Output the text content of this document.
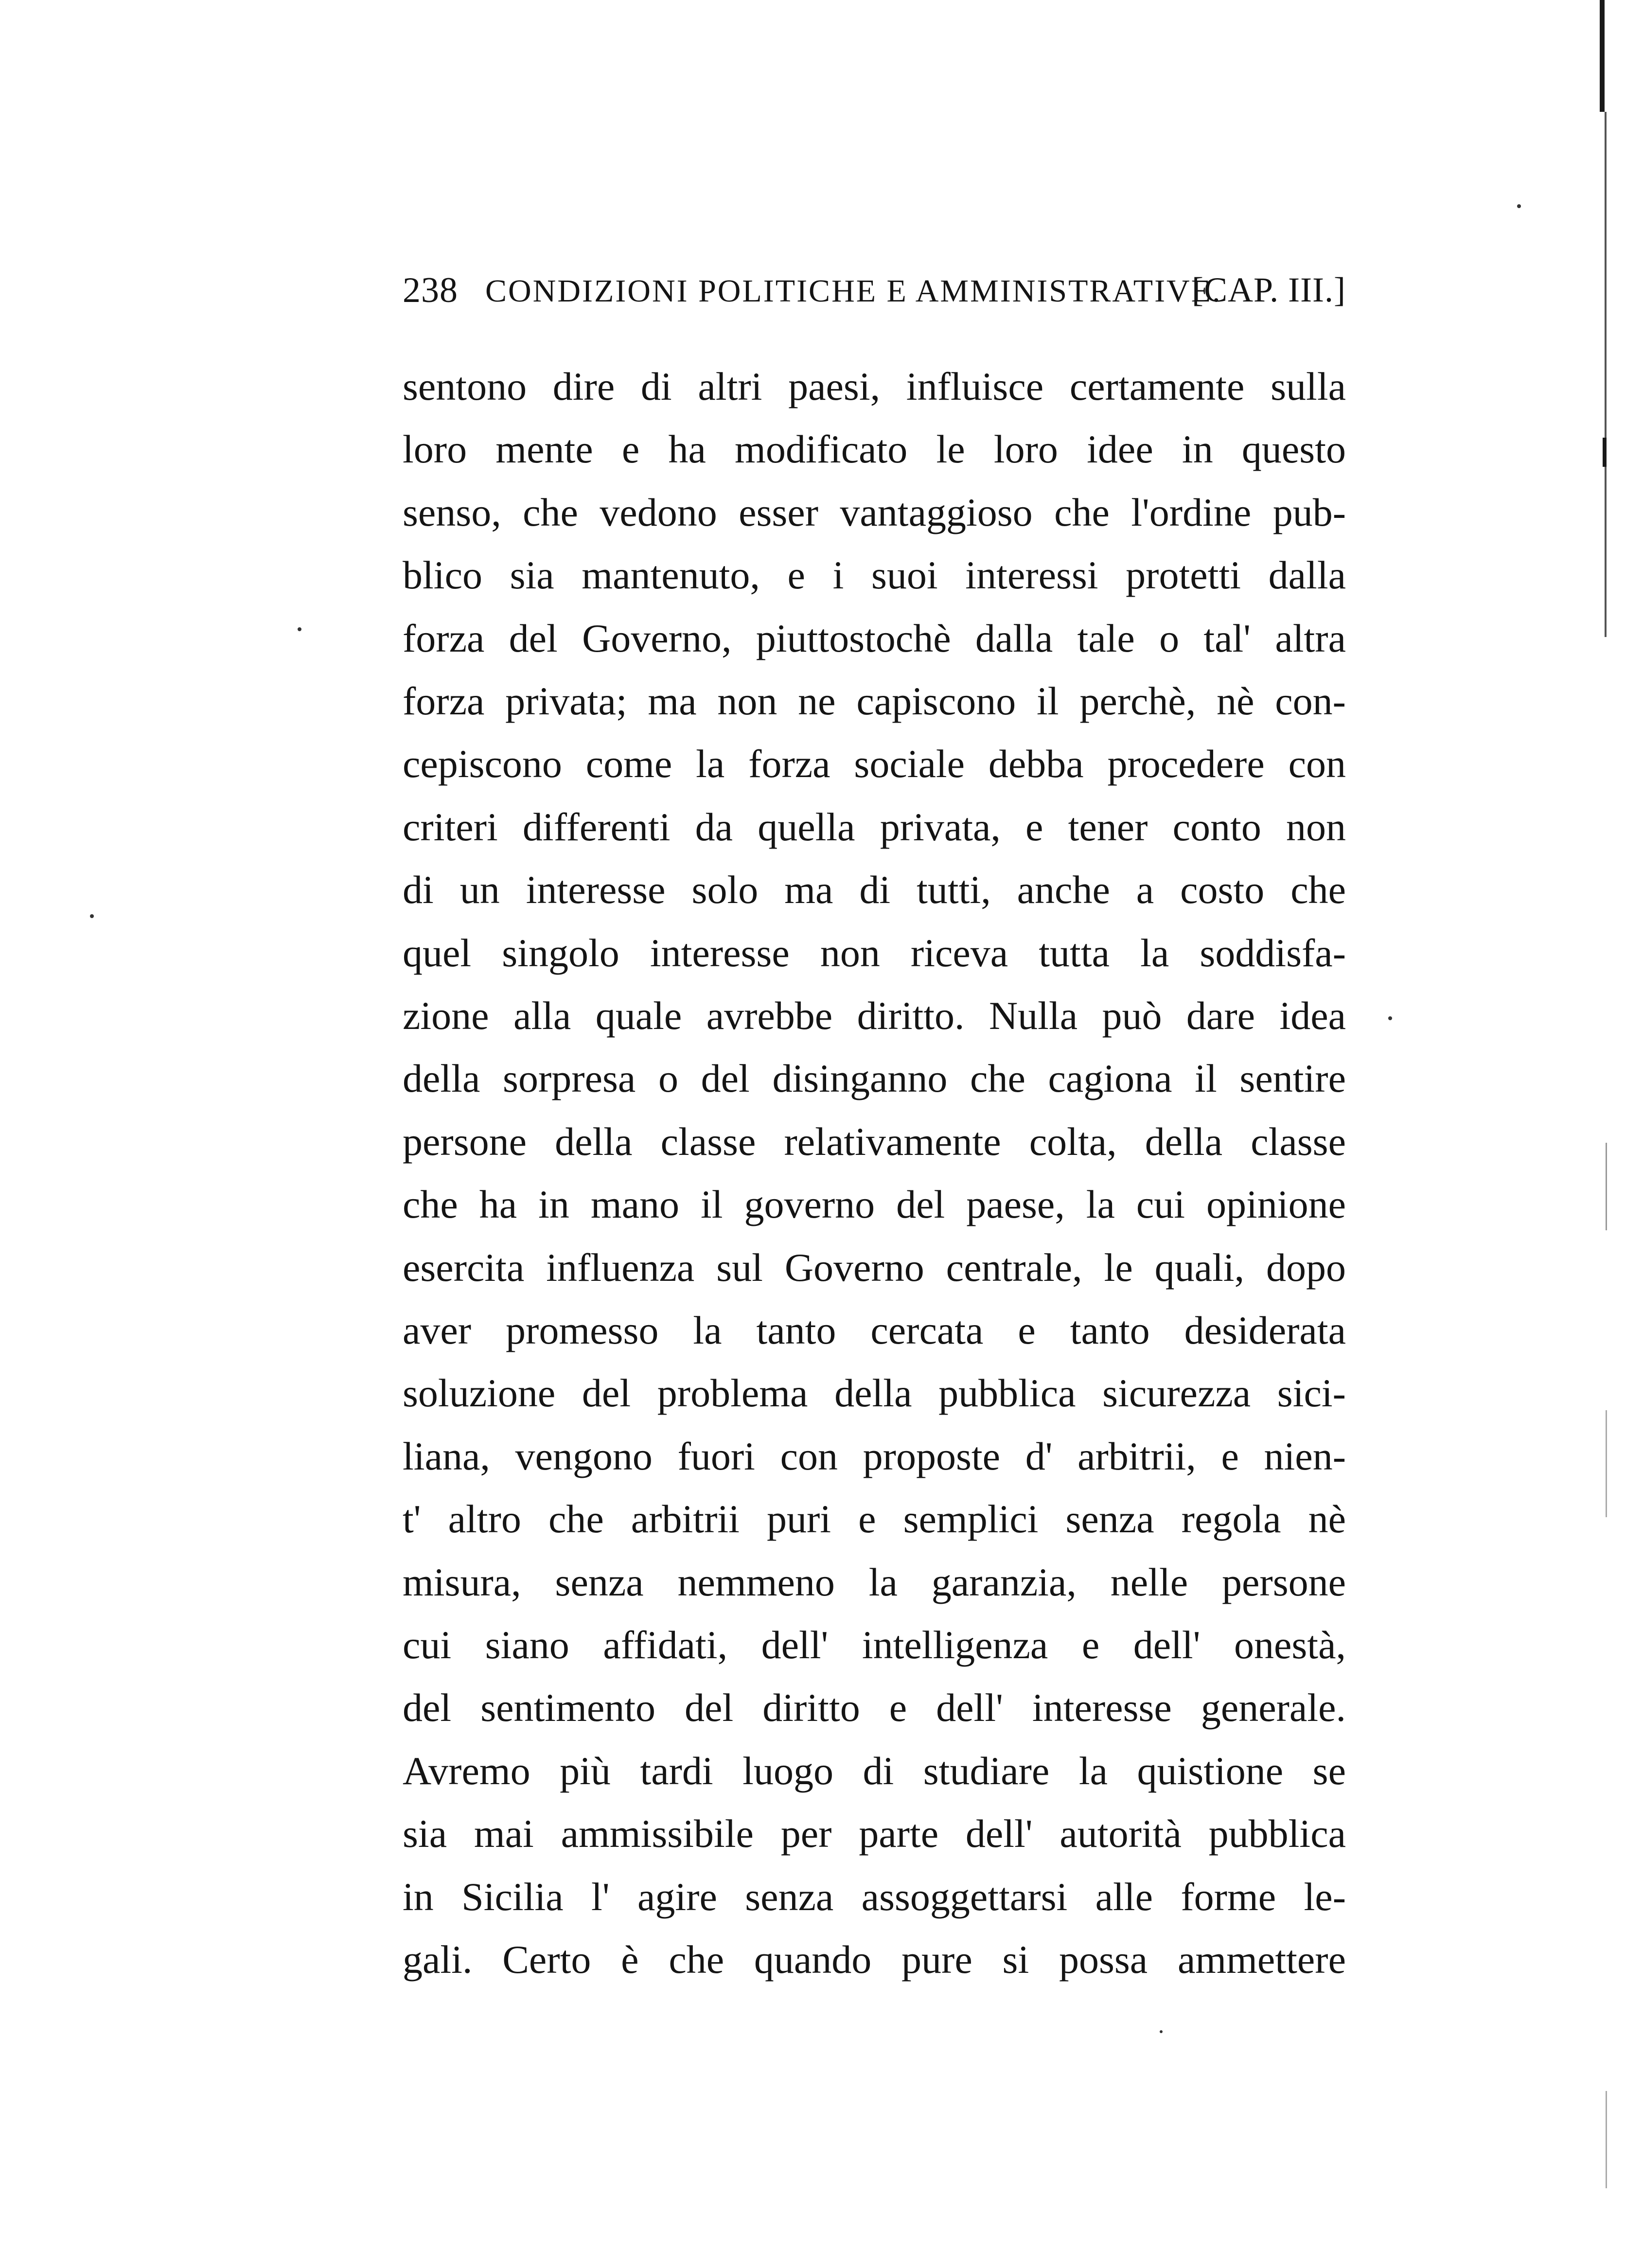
238 CONDIZIONI POLITICHE E AMMINISTRATIVE.
[CAP. III.]
sentono dire di altri paesi, influisce certamente sulla
loro mente e ha modificato le loro idee in questo
senso, che vedono esser vantaggioso che l'ordine pub-
blico sia mantenuto, e i suoi interessi protetti dalla
forza del Governo, piuttostochè dalla tale o tal' altra
forza privata; ma non ne capiscono il perchè, nè con-
cepiscono come la forza sociale debba procedere con
criteri differenti da quella privata, e tener conto non
di un interesse solo ma di tutti, anche a costo che
quel singolo interesse non riceva tutta la soddisfa-
zione alla quale avrebbe diritto. Nulla può dare idea
della sorpresa o del disinganno che cagiona il sentire
persone della classe relativamente colta, della classe
che ha in mano il governo del paese, la cui opinione
esercita influenza sul Governo centrale, le quali, dopo
aver promesso la tanto cercata e tanto desiderata
soluzione del problema della pubblica sicurezza sici-
liana, vengono fuori con proposte d' arbitrii, e nien-
t' altro che arbitrii puri e semplici senza regola nè
misura, senza nemmeno la garanzia, nelle persone
cui siano affidati, dell' intelligenza e dell' onestà,
del sentimento del diritto e dell' interesse generale.
Avremo più tardi luogo di studiare la quistione se
sia mai ammissibile per parte dell' autorità pubblica
in Sicilia l' agire senza assoggettarsi alle forme le-
gali. Certo è che quando pure si possa ammettere
